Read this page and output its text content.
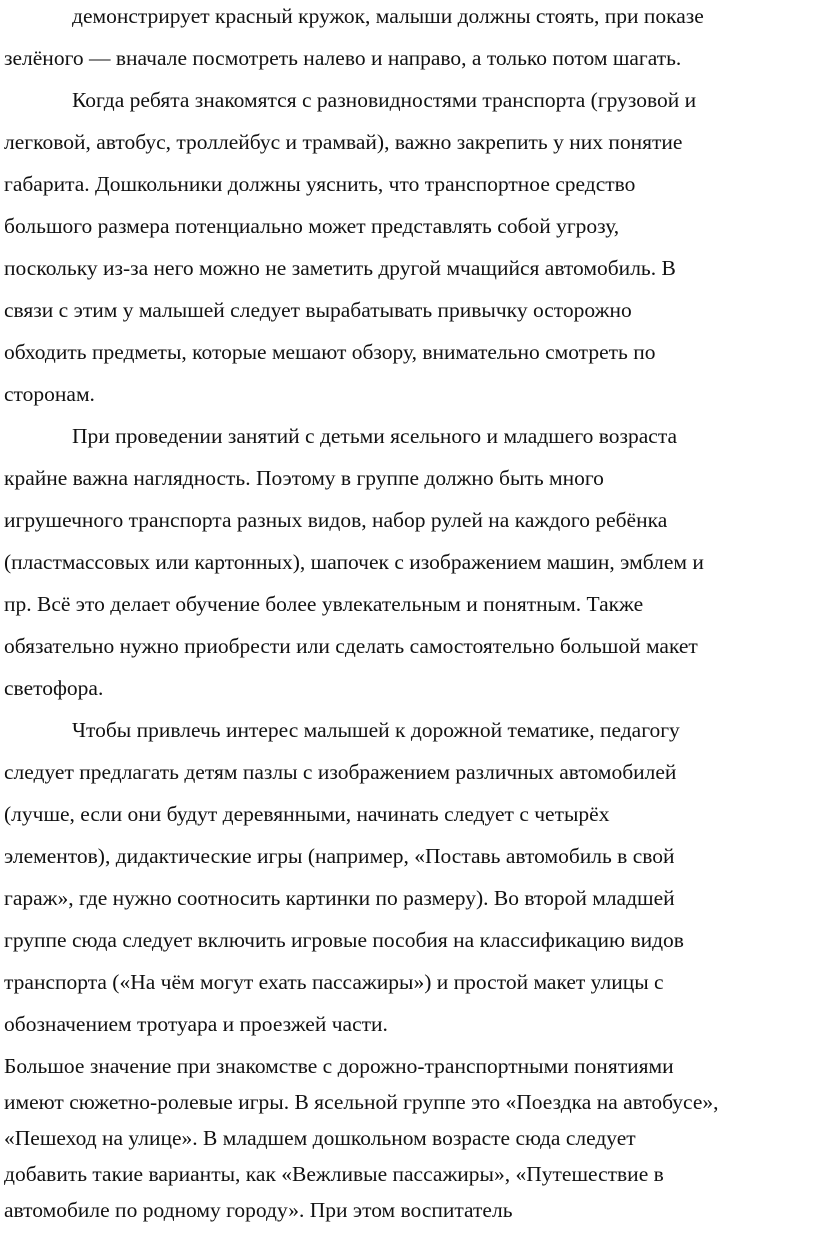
демонстрирует красный кружок, малыши должны стоять, при показе

зелёного — вначале посмотреть налево и направо, а только потом шагать.

Когда ребята знакомятся с разновидностями транспорта (грузовой и

легковой, автобус, троллейбус и трамвай), важно закрепить у них понятие

габарита. Дошкольники должны уяснить, что транспортное средство

большого размера потенциально может представлять собой угрозу,

поскольку из-за него можно не заметить другой мчащийся автомобиль. В

связи с этим у малышей следует вырабатывать привычку осторожно

обходить предметы, которые мешают обзору, внимательно смотреть по

сторонам.

При проведении занятий с детьми ясельного и младшего возраста

крайне важна наглядность. Поэтому в группе должно быть много

игрушечного транспорта разных видов, набор рулей на каждого ребёнка

(пластмассовых или картонных), шапочек с изображением машин, эмблем и

пр. Всё это делает обучение более увлекательным и понятным. Также

обязательно нужно приобрести или сделать самостоятельно большой макет

светофора.

Чтобы привлечь интерес малышей к дорожной тематике, педагогу

следует предлагать детям пазлы с изображением различных автомобилей

(лучше, если они будут деревянными, начинать следует с четырёх

элементов), дидактические игры (например, «Поставь автомобиль в свой

гараж», где нужно соотносить картинки по размеру). Во второй младшей

группе сюда следует включить игровые пособия на классификацию видов

транспорта («На чём могут ехать пассажиры») и простой макет улицы с

обозначением тротуара и проезжей части.

Большое значение при знакомстве с дорожно-транспортными понятиями

имеют сюжетно-ролевые игры. В ясельной группе это «Поездка на автобусе»,

«Пешеход на улице». В младшем дошкольном возрасте сюда следует

добавить такие варианты, как «Вежливые пассажиры», «Путешествие в

автомобиле по родному городу». При этом воспитатель
